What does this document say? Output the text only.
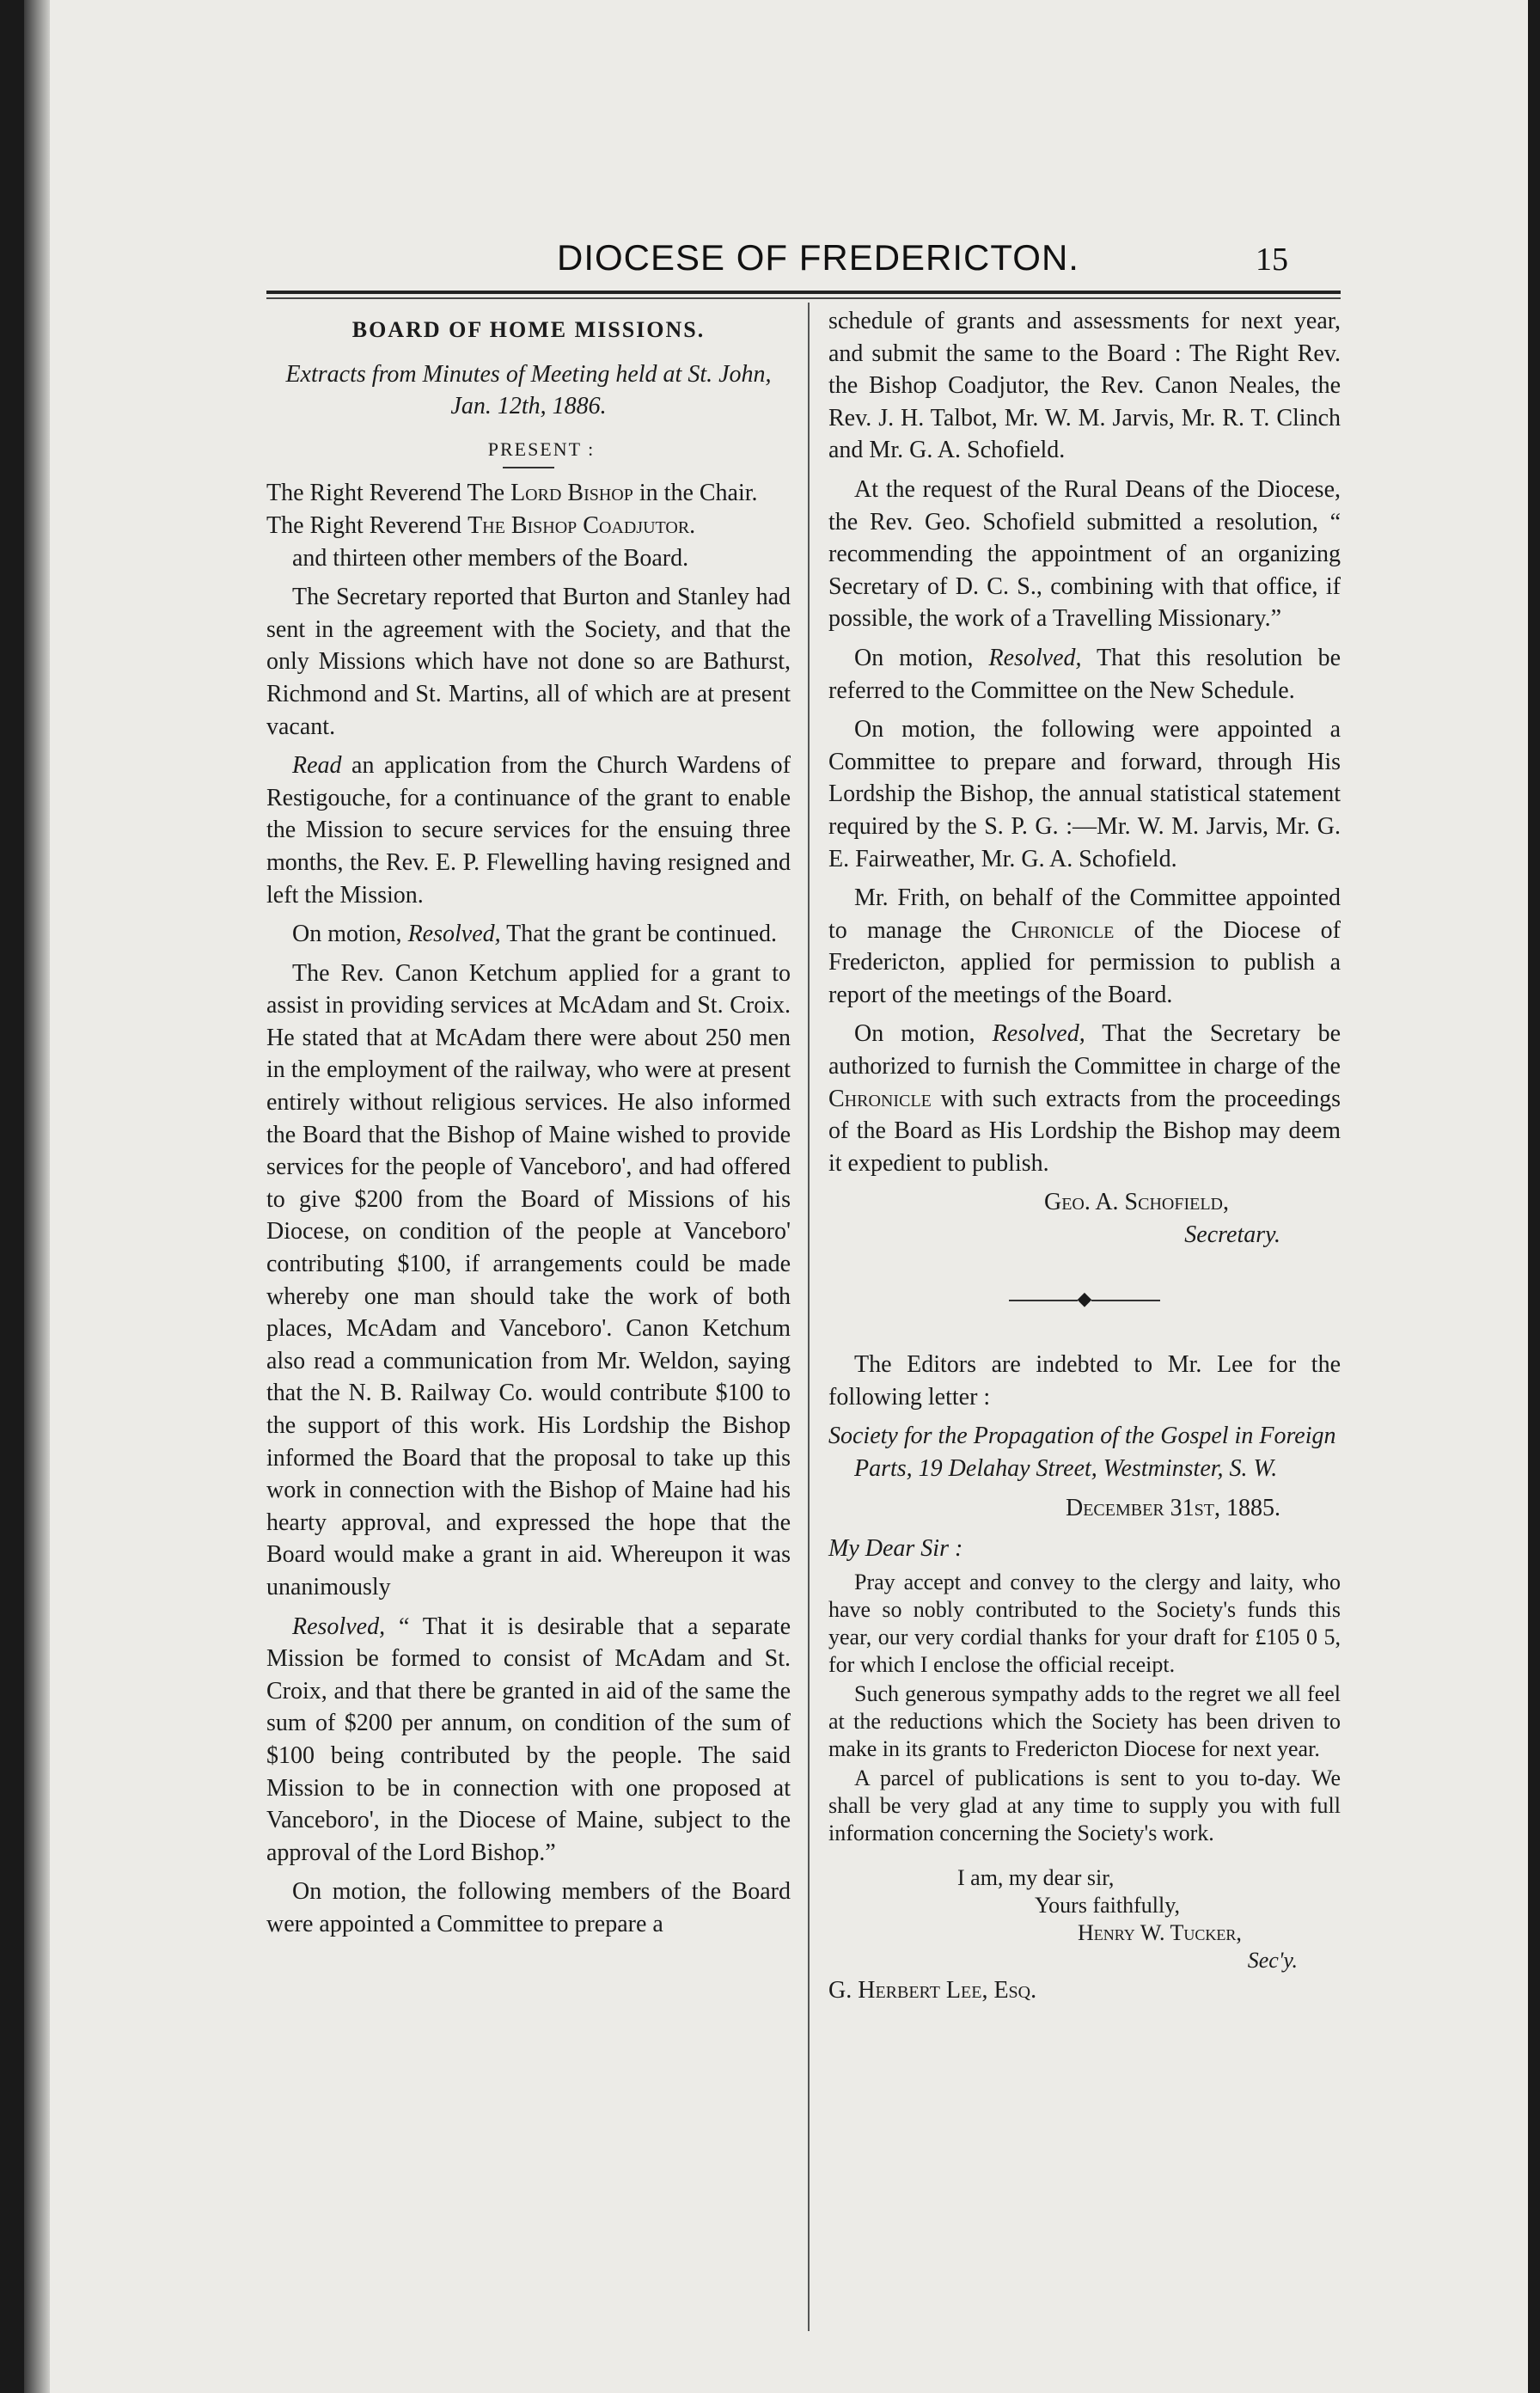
DIOCESE OF FREDERICTON.	15

BOARD OF HOME MISSIONS.

Extracts from Minutes of Meeting held at St. John, Jan. 12th, 1886.

PRESENT :

The Right Reverend The Lord Bishop in the Chair.

The Right Reverend The Bishop Coadjutor.

and thirteen other members of the Board.

The Secretary reported that Burton and Stanley had sent in the agreement with the Society, and that the only Missions which have not done so are Bathurst, Richmond and St. Martins, all of which are at present vacant.

Read an application from the Church Wardens of Restigouche, for a continuance of the grant to enable the Mission to secure services for the ensuing three months, the Rev. E. P. Flewelling having resigned and left the Mission.

On motion, Resolved, That the grant be continued.

The Rev. Canon Ketchum applied for a grant to assist in providing services at McAdam and St. Croix. He stated that at McAdam there were about 250 men in the employment of the railway, who were at present entirely without religious services. He also informed the Board that the Bishop of Maine wished to provide services for the people of Vanceboro', and had offered to give $200 from the Board of Missions of his Diocese, on condition of the people at Vanceboro' contributing $100, if arrangements could be made whereby one man should take the work of both places, McAdam and Vanceboro'. Canon Ketchum also read a communication from Mr. Weldon, saying that the N. B. Railway Co. would contribute $100 to the support of this work. His Lordship the Bishop informed the Board that the proposal to take up this work in connection with the Bishop of Maine had his hearty approval, and expressed the hope that the Board would make a grant in aid. Whereupon it was unanimously

Resolved, “ That it is desirable that a separate Mission be formed to consist of McAdam and St. Croix, and that there be granted in aid of the same the sum of $200 per annum, on condition of the sum of $100 being contributed by the people. The said Mission to be in connection with one proposed at Vanceboro', in the Diocese of Maine, subject to the approval of the Lord Bishop.”

On motion, the following members of the Board were appointed a Committee to prepare a

schedule of grants and assessments for next year, and submit the same to the Board : The Right Rev. the Bishop Coadjutor, the Rev. Canon Neales, the Rev. J. H. Talbot, Mr. W. M. Jarvis, Mr. R. T. Clinch and Mr. G. A. Schofield.

At the request of the Rural Deans of the Diocese, the Rev. Geo. Schofield submitted a resolution, “ recommending the appointment of an organizing Secretary of D. C. S., combining with that office, if possible, the work of a Travelling Missionary.”

On motion, Resolved, That this resolution be referred to the Committee on the New Schedule.

On motion, the following were appointed a Committee to prepare and forward, through His Lordship the Bishop, the annual statistical statement required by the S. P. G. :—Mr. W. M. Jarvis, Mr. G. E. Fairweather, Mr. G. A. Schofield.

Mr. Frith, on behalf of the Committee appointed to manage the Chronicle of the Diocese of Fredericton, applied for permission to publish a report of the meetings of the Board.

On motion, Resolved, That the Secretary be authorized to furnish the Committee in charge of the Chronicle with such extracts from the proceedings of the Board as His Lordship the Bishop may deem it expedient to publish.

Geo. A. Schofield,

Secretary.

◆

The Editors are indebted to Mr. Lee for the following letter :

Society for the Propagation of the Gospel in Foreign Parts, 19 Delahay Street, Westminster, S. W.

December 31st, 1885.

My Dear Sir :

Pray accept and convey to the clergy and laity, who have so nobly contributed to the Society's funds this year, our very cordial thanks for your draft for £105 0 5, for which I enclose the official receipt.

Such generous sympathy adds to the regret we all feel at the reductions which the Society has been driven to make in its grants to Fredericton Diocese for next year.

A parcel of publications is sent to you to-day. We shall be very glad at any time to supply you with full information concerning the Society's work.

I am, my dear sir,

Yours faithfully,

Henry W. Tucker,

Sec'y.

G. Herbert Lee, Esq.
